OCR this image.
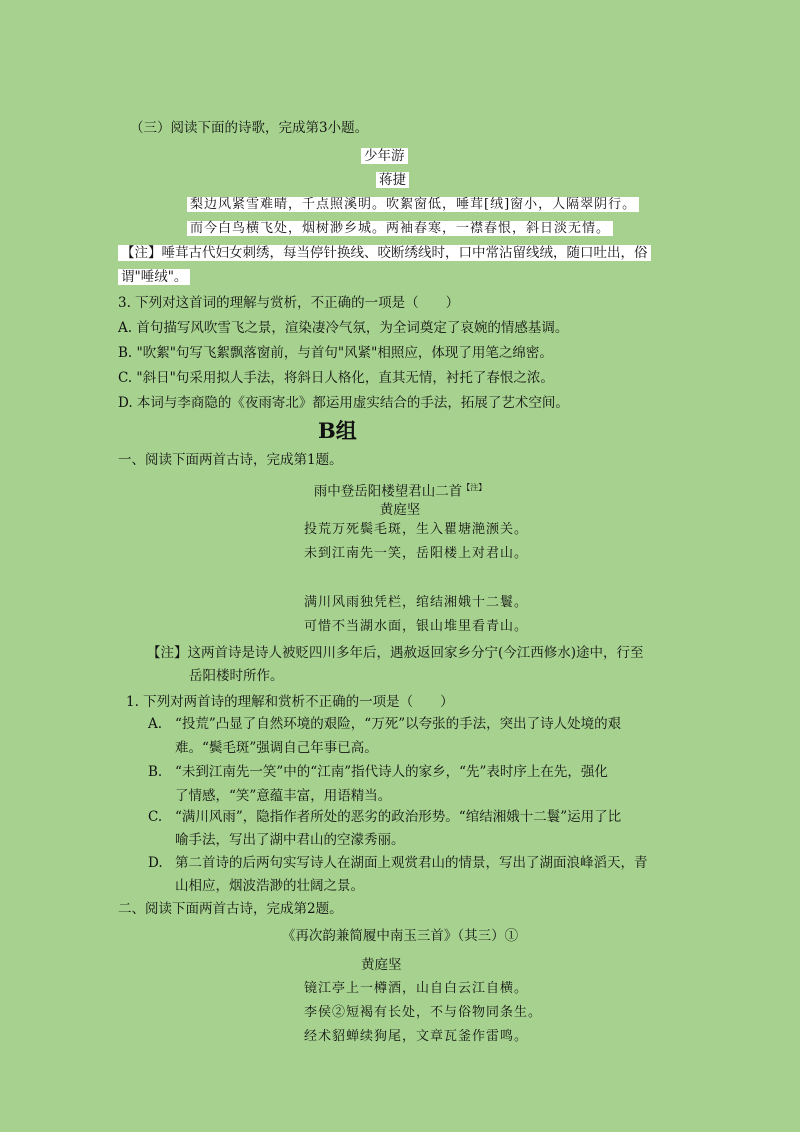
（三）阅读下面的诗歌，完成第3小题。
少年游
蒋捷
梨边风紧雪难晴，千点照溪明。吹絮窗低，唾茸[绒]窗小，人隔翠阴行。
而今白鸟横飞处，烟树渺乡城。两袖春寒，一襟春恨，斜日淡无情。
【注】唾茸古代妇女刺绣，每当停针换线、咬断绣线时，口中常沾留线绒，随口吐出，俗
谓"唾绒"。
3. 下列对这首词的理解与赏析，不正确的一项是（　　）
A. 首句描写风吹雪飞之景，渲染凄冷气氛，为全词奠定了哀婉的情感基调。
B. "吹絮"句写飞絮飘落窗前，与首句"风紧"相照应，体现了用笔之绵密。
C. "斜日"句采用拟人手法，将斜日人格化，直其无情，衬托了春恨之浓。
D. 本词与李商隐的《夜雨寄北》都运用虚实结合的手法，拓展了艺术空间。
B组
一、阅读下面两首古诗，完成第1题。
雨中登岳阳楼望君山二首$^{【注】}$
黄庭坚
投荒万死鬓毛斑，生入瞿塘滟滪关。
未到江南先一笑，岳阳楼上对君山。
满川风雨独凭栏，绾结湘娥十二鬟。
可惜不当湖水面，银山堆里看青山。
【注】这两首诗是诗人被贬四川多年后，遇赦返回家乡分宁(今江西修水)途中，行至
岳阳楼时所作。
1. 下列对两首诗的理解和赏析不正确的一项是（　　）
A. “投荒”凸显了自然环境的艰险，“万死”以夸张的手法，突出了诗人处境的艰
难。“鬓毛斑”强调自己年事已高。
B. “未到江南先一笑”中的“江南”指代诗人的家乡，“先”表时序上在先，强化
了情感，“笑”意蕴丰富，用语精当。
C. “满川风雨”，隐指作者所处的恶劣的政治形势。“绾结湘娥十二鬟”运用了比
喻手法，写出了湖中君山的空濛秀丽。
D. 第二首诗的后两句实写诗人在湖面上观赏君山的情景，写出了湖面浪峰滔天，青
山相应，烟波浩渺的壮阔之景。
二、阅读下面两首古诗，完成第2题。
《再次韵兼简履中南玉三首》（其三）①
黄庭坚
镜江亭上一樽酒，山自白云江自横。
李侯②短褐有长处，不与俗物同条生。
经术貂蝉续狗尾，文章瓦釜作雷鸣。
